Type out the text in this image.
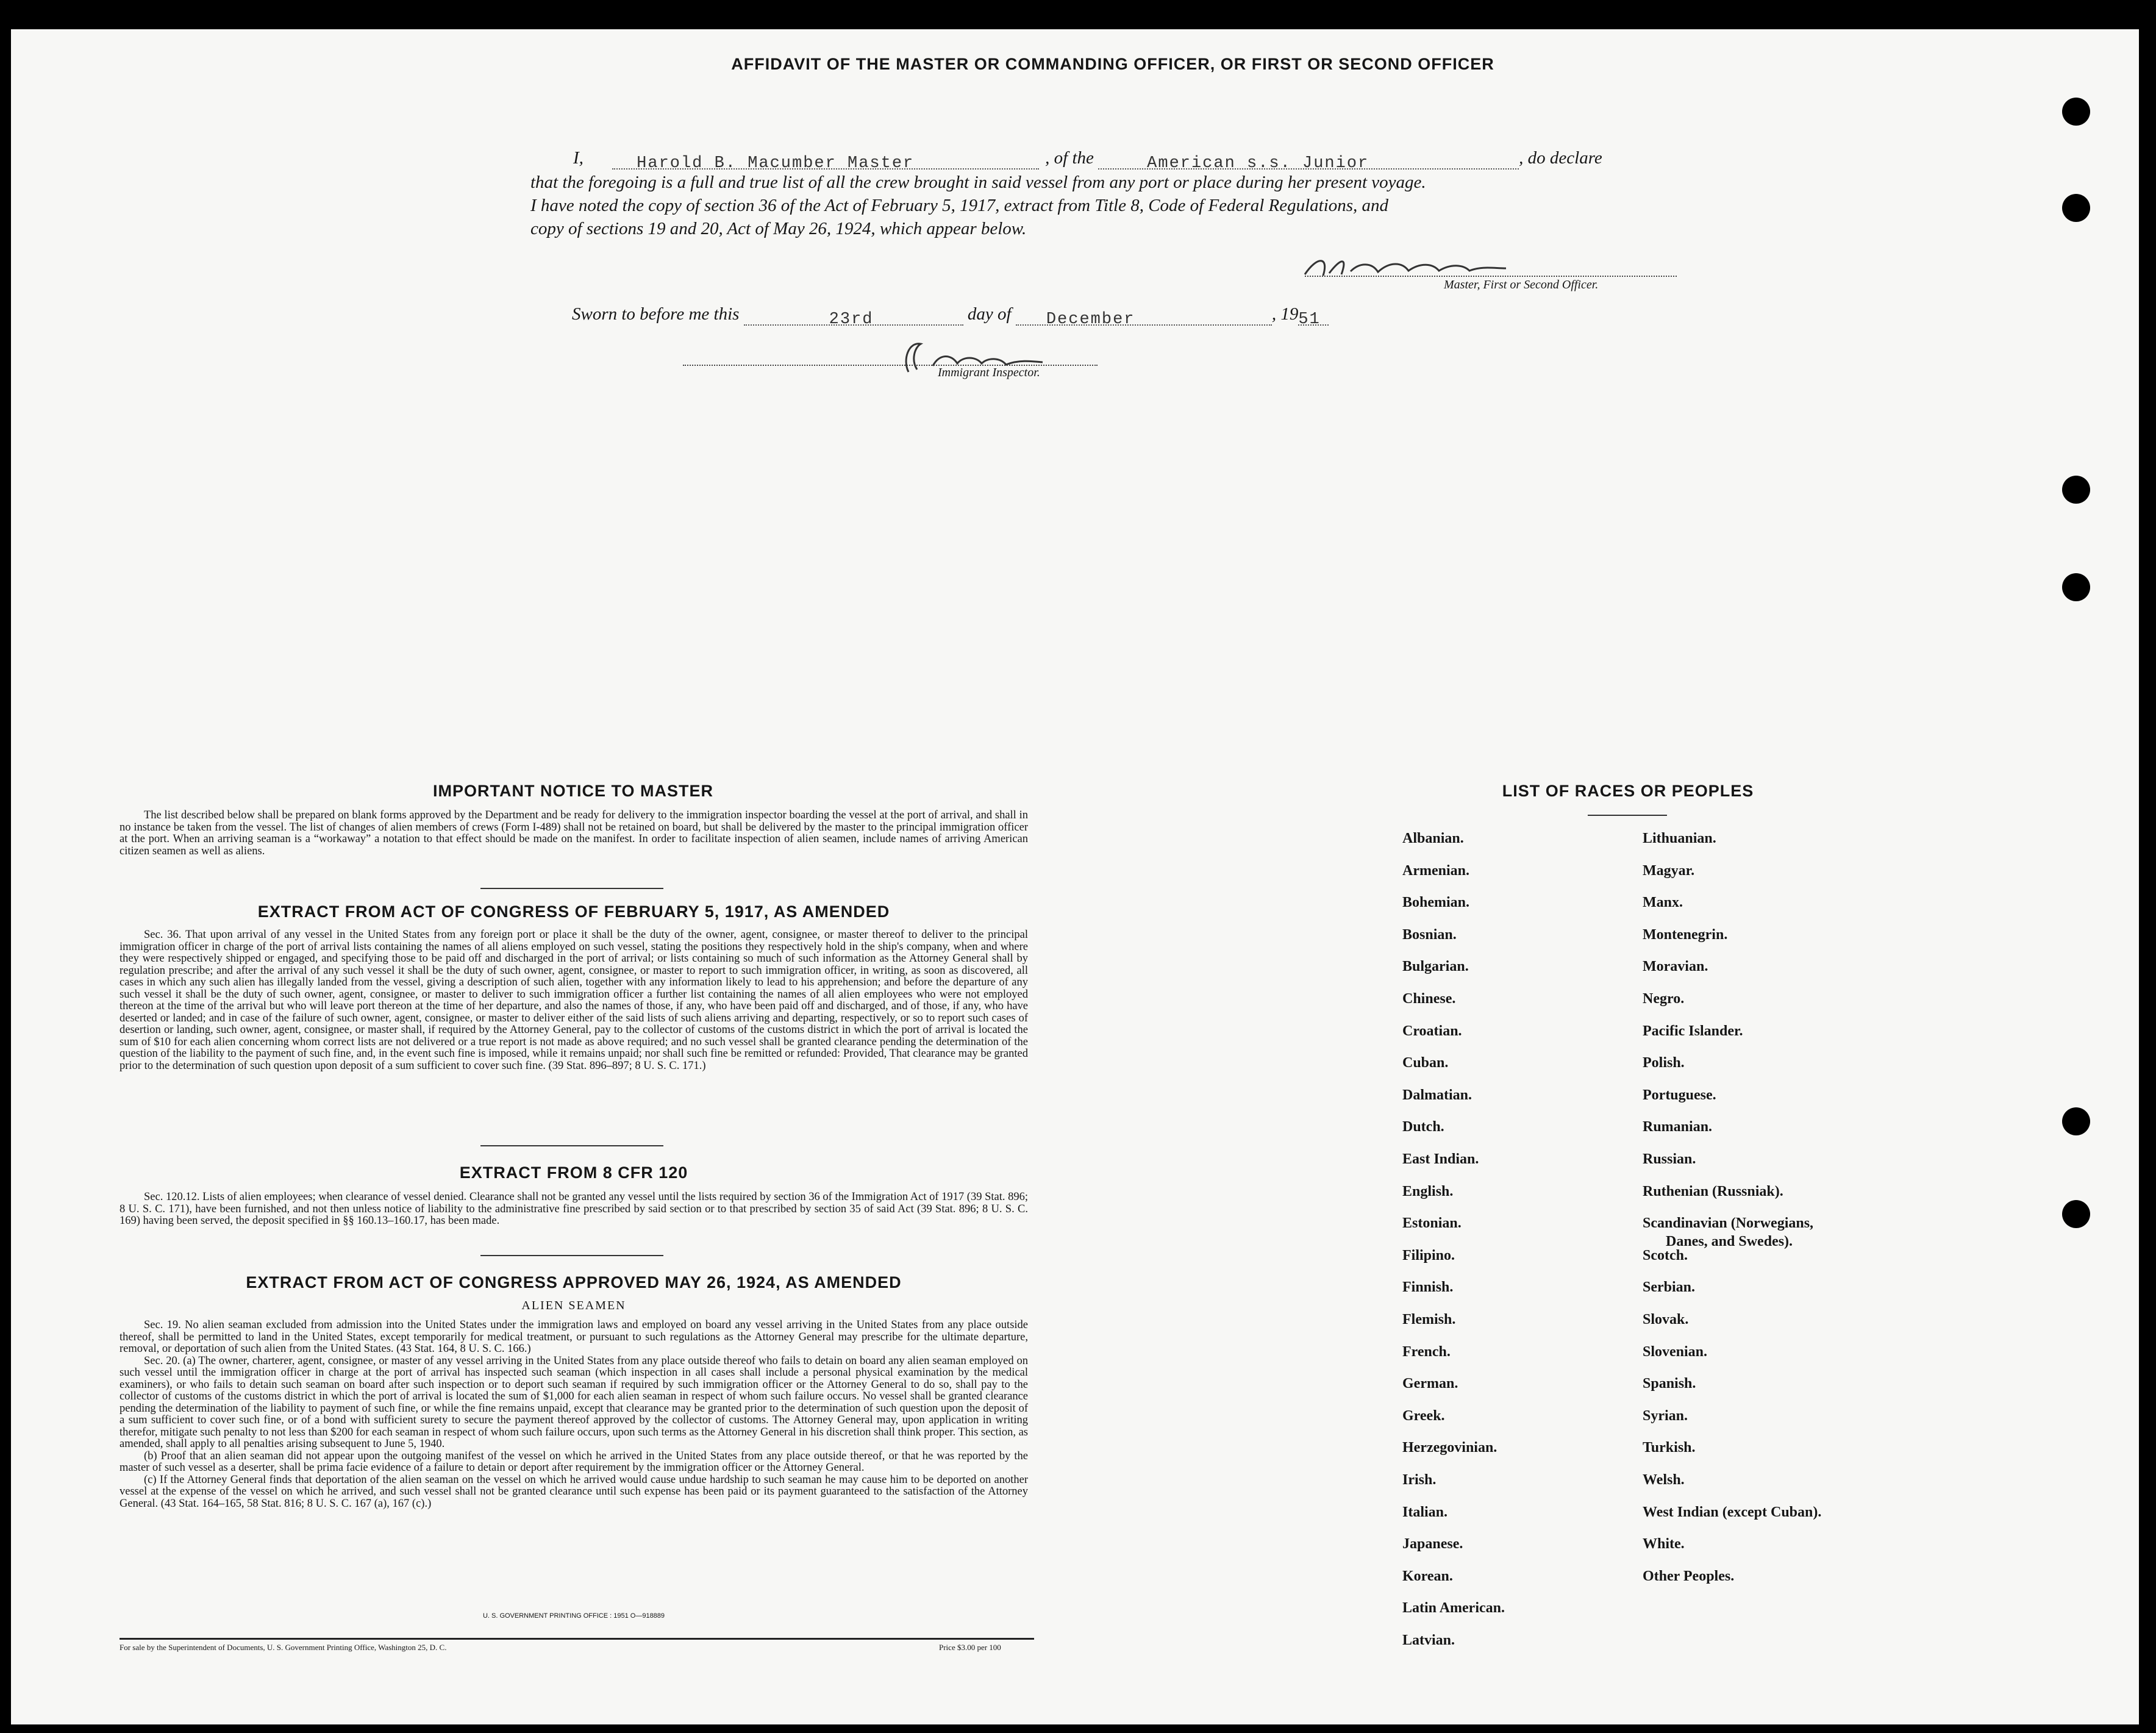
AFFIDAVIT OF THE MASTER OR COMMANDING OFFICER, OR FIRST OR SECOND OFFICER
I,	Harold B. Macumber Master	, of the	American s.s. Junior	, do declare
that the foregoing is a full and true list of all the crew brought in said vessel from any port or place during her present voyage.
I have noted the copy of section 36 of the Act of February 5, 1917, extract from Title 8, Code of Federal Regulations, and
copy of sections 19 and 20, Act of May 26, 1924, which appear below.
Master, First or Second Officer.
Sworn to before me this	23rd	day of December	, 1951
Immigrant Inspector.
IMPORTANT NOTICE TO MASTER
The list described below shall be prepared on blank forms approved by the Department and be ready for delivery to the immigration inspector boarding the vessel at the port of arrival, and shall in no instance be taken from the vessel. The list of changes of alien members of crews (Form I-489) shall not be retained on board, but shall be delivered by the master to the principal immigration officer at the port. When an arriving seaman is a “workaway” a notation to that effect should be made on the manifest. In order to facilitate inspection of alien seamen, include names of arriving American citizen seamen as well as aliens.
EXTRACT FROM ACT OF CONGRESS OF FEBRUARY 5, 1917, AS AMENDED
Sec. 36. That upon arrival of any vessel in the United States from any foreign port or place it shall be the duty of the owner, agent, consignee, or master thereof to deliver to the principal immigration officer in charge of the port of arrival lists containing the names of all aliens employed on such vessel, stating the positions they respectively hold in the ship's company, when and where they were respectively shipped or engaged, and specifying those to be paid off and discharged in the port of arrival; or lists containing so much of such information as the Attorney General shall by regulation prescribe; and after the arrival of any such vessel it shall be the duty of such owner, agent, consignee, or master to report to such immigration officer, in writing, as soon as discovered, all cases in which any such alien has illegally landed from the vessel, giving a description of such alien, together with any information likely to lead to his apprehension; and before the departure of any such vessel it shall be the duty of such owner, agent, consignee, or master to deliver to such immigration officer a further list containing the names of all alien employees who were not employed thereon at the time of the arrival but who will leave port thereon at the time of her departure, and also the names of those, if any, who have been paid off and discharged, and of those, if any, who have deserted or landed; and in case of the failure of such owner, agent, consignee, or master to deliver either of the said lists of such aliens arriving and departing, respectively, or so to report such cases of desertion or landing, such owner, agent, consignee, or master shall, if required by the Attorney General, pay to the collector of customs of the customs district in which the port of arrival is located the sum of $10 for each alien concerning whom correct lists are not delivered or a true report is not made as above required; and no such vessel shall be granted clearance pending the determination of the question of the liability to the payment of such fine, and, in the event such fine is imposed, while it remains unpaid; nor shall such fine be remitted or refunded: Provided, That clearance may be granted prior to the determination of such question upon deposit of a sum sufficient to cover such fine. (39 Stat. 896–897; 8 U. S. C. 171.)
EXTRACT FROM 8 CFR 120
Sec. 120.12. Lists of alien employees; when clearance of vessel denied. Clearance shall not be granted any vessel until the lists required by section 36 of the Immigration Act of 1917 (39 Stat. 896; 8 U. S. C. 171), have been furnished, and not then unless notice of liability to the administrative fine prescribed by said section or to that prescribed by section 35 of said Act (39 Stat. 896; 8 U. S. C. 169) having been served, the deposit specified in §§ 160.13–160.17, has been made.
EXTRACT FROM ACT OF CONGRESS APPROVED MAY 26, 1924, AS AMENDED
ALIEN SEAMEN
Sec. 19. No alien seaman excluded from admission into the United States under the immigration laws and employed on board any vessel arriving in the United States from any place outside thereof, shall be permitted to land in the United States, except temporarily for medical treatment, or pursuant to such regulations as the Attorney General may prescribe for the ultimate departure, removal, or deportation of such alien from the United States. (43 Stat. 164, 8 U. S. C. 166.)
Sec. 20. (a) The owner, charterer, agent, consignee, or master of any vessel arriving in the United States from any place outside thereof who fails to detain on board any alien seaman employed on such vessel until the immigration officer in charge at the port of arrival has inspected such seaman (which inspection in all cases shall include a personal physical examination by the medical examiners), or who fails to detain such seaman on board after such inspection or to deport such seaman if required by such immigration officer or the Attorney General to do so, shall pay to the collector of customs of the customs district in which the port of arrival is located the sum of $1,000 for each alien seaman in respect of whom such failure occurs. No vessel shall be granted clearance pending the determination of the liability to payment of such fine, or while the fine remains unpaid, except that clearance may be granted prior to the determination of such question upon the deposit of a sum sufficient to cover such fine, or of a bond with sufficient surety to secure the payment thereof approved by the collector of customs. The Attorney General may, upon application in writing therefor, mitigate such penalty to not less than $200 for each seaman in respect of whom such failure occurs, upon such terms as the Attorney General in his discretion shall think proper. This section, as amended, shall apply to all penalties arising subsequent to June 5, 1940.
(b) Proof that an alien seaman did not appear upon the outgoing manifest of the vessel on which he arrived in the United States from any place outside thereof, or that he was reported by the master of such vessel as a deserter, shall be prima facie evidence of a failure to detain or deport after requirement by the immigration officer or the Attorney General.
(c) If the Attorney General finds that deportation of the alien seaman on the vessel on which he arrived would cause undue hardship to such seaman he may cause him to be deported on another vessel at the expense of the vessel on which he arrived, and such vessel shall not be granted clearance until such expense has been paid or its payment guaranteed to the satisfaction of the Attorney General. (43 Stat. 164–165, 58 Stat. 816; 8 U. S. C. 167 (a), 167 (c).)
U. S. GOVERNMENT PRINTING OFFICE : 1951 O—918889
For sale by the Superintendent of Documents, U. S. Government Printing Office, Washington 25, D. C.	Price $3.00 per 100
LIST OF RACES OR PEOPLES
Albanian.
Armenian.
Bohemian.
Bosnian.
Bulgarian.
Chinese.
Croatian.
Cuban.
Dalmatian.
Dutch.
East Indian.
English.
Estonian.
Filipino.
Finnish.
Flemish.
French.
German.
Greek.
Herzegovinian.
Irish.
Italian.
Japanese.
Korean.
Latin American.
Latvian.
Lithuanian.
Magyar.
Manx.
Montenegrin.
Moravian.
Negro.
Pacific Islander.
Polish.
Portuguese.
Rumanian.
Russian.
Ruthenian (Russniak).
Scandinavian (Norwegians,
Danes, and Swedes).
Scotch.
Serbian.
Slovak.
Slovenian.
Spanish.
Syrian.
Turkish.
Welsh.
West Indian (except Cuban).
White.
Other Peoples.
